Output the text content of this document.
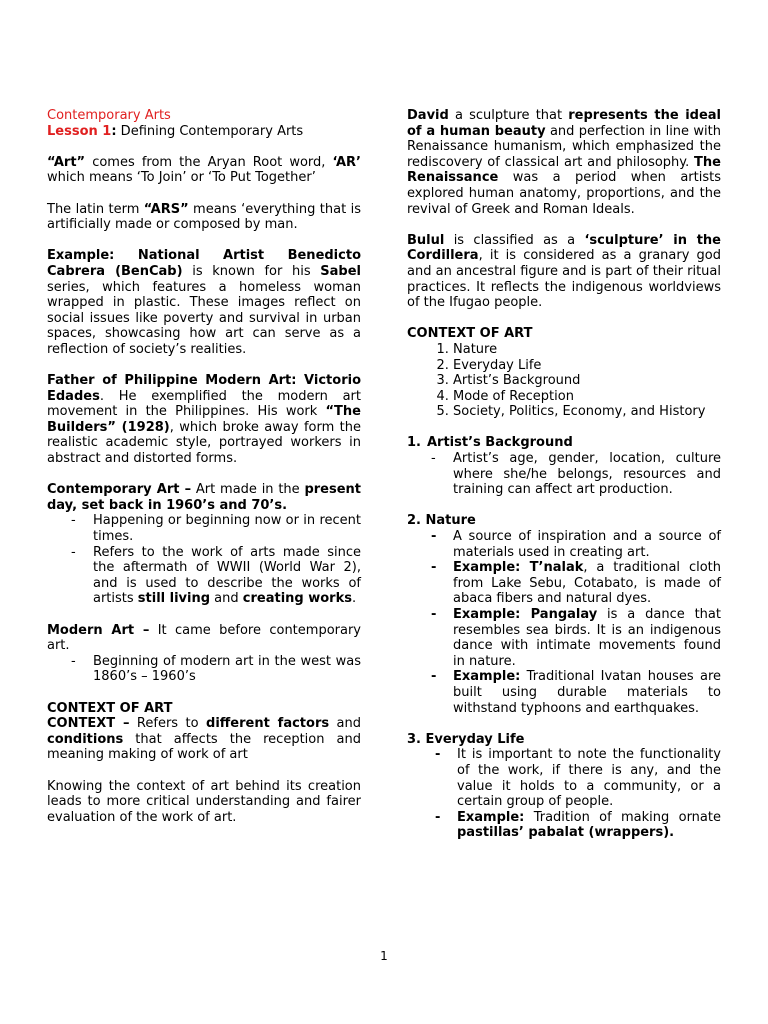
Contemporary Arts

Lesson 1: Defining Contemporary Arts

“Art” comes from the Aryan Root word, ‘AR’ which means ‘To Join’ or ‘To Put Together’

The latin term “ARS” means ‘everything that is artificially made or composed by man.

Example: National Artist Benedicto Cabrera (BenCab) is known for his Sabel series, which features a homeless woman wrapped in plastic. These images reflect on social issues like poverty and survival in urban spaces, showcasing how art can serve as a reflection of society’s realities.

Father of Philippine Modern Art: Victorio Edades. He exemplified the modern art movement in the Philippines. His work “The Builders” (1928), which broke away form the realistic academic style, portrayed workers in abstract and distorted forms.

Contemporary Art – Art made in the present day, set back in 1960’s and 70’s.

- Happening or beginning now or in recent times.
- Refers to the work of arts made since the aftermath of WWII (World War 2), and is used to describe the works of artists still living and creating works.

Modern Art – It came before contemporary art.

- Beginning of modern art in the west was 1860’s – 1960’s
CONTEXT OF ART

CONTEXT – Refers to different factors and conditions that affects the reception and meaning making of work of art

Knowing the context of art behind its creation leads to more critical understanding and fairer evaluation of the work of art.

David a sculpture that represents the ideal of a human beauty and perfection in line with Renaissance humanism, which emphasized the rediscovery of classical art and philosophy. The Renaissance was a period when artists explored human anatomy, proportions, and the revival of Greek and Roman Ideals.

Bulul is classified as a ‘sculpture’ in the Cordillera, it is considered as a granary god and an ancestral figure and is part of their ritual practices. It reflects the indigenous worldviews of the Ifugao people.

CONTEXT OF ART
1. Nature
2. Everyday Life
3. Artist’s Background
4. Mode of Reception
5. Society, Politics, Economy, and History
1. Artist’s Background
- Artist’s age, gender, location, culture where she/he belongs, resources and training can affect art production.
2. Nature
- A source of inspiration and a source of materials used in creating art.
- Example: T’nalak, a traditional cloth from Lake Sebu, Cotabato, is made of abaca fibers and natural dyes.
- Example: Pangalay is a dance that resembles sea birds. It is an indigenous dance with intimate movements found in nature.
- Example: Traditional Ivatan houses are built using durable materials to withstand typhoons and earthquakes.
3. Everyday Life
- It is important to note the functionality of the work, if there is any, and the value it holds to a community, or a certain group of people.
- Example: Tradition of making ornate pastillas’ pabalat (wrappers).
1
